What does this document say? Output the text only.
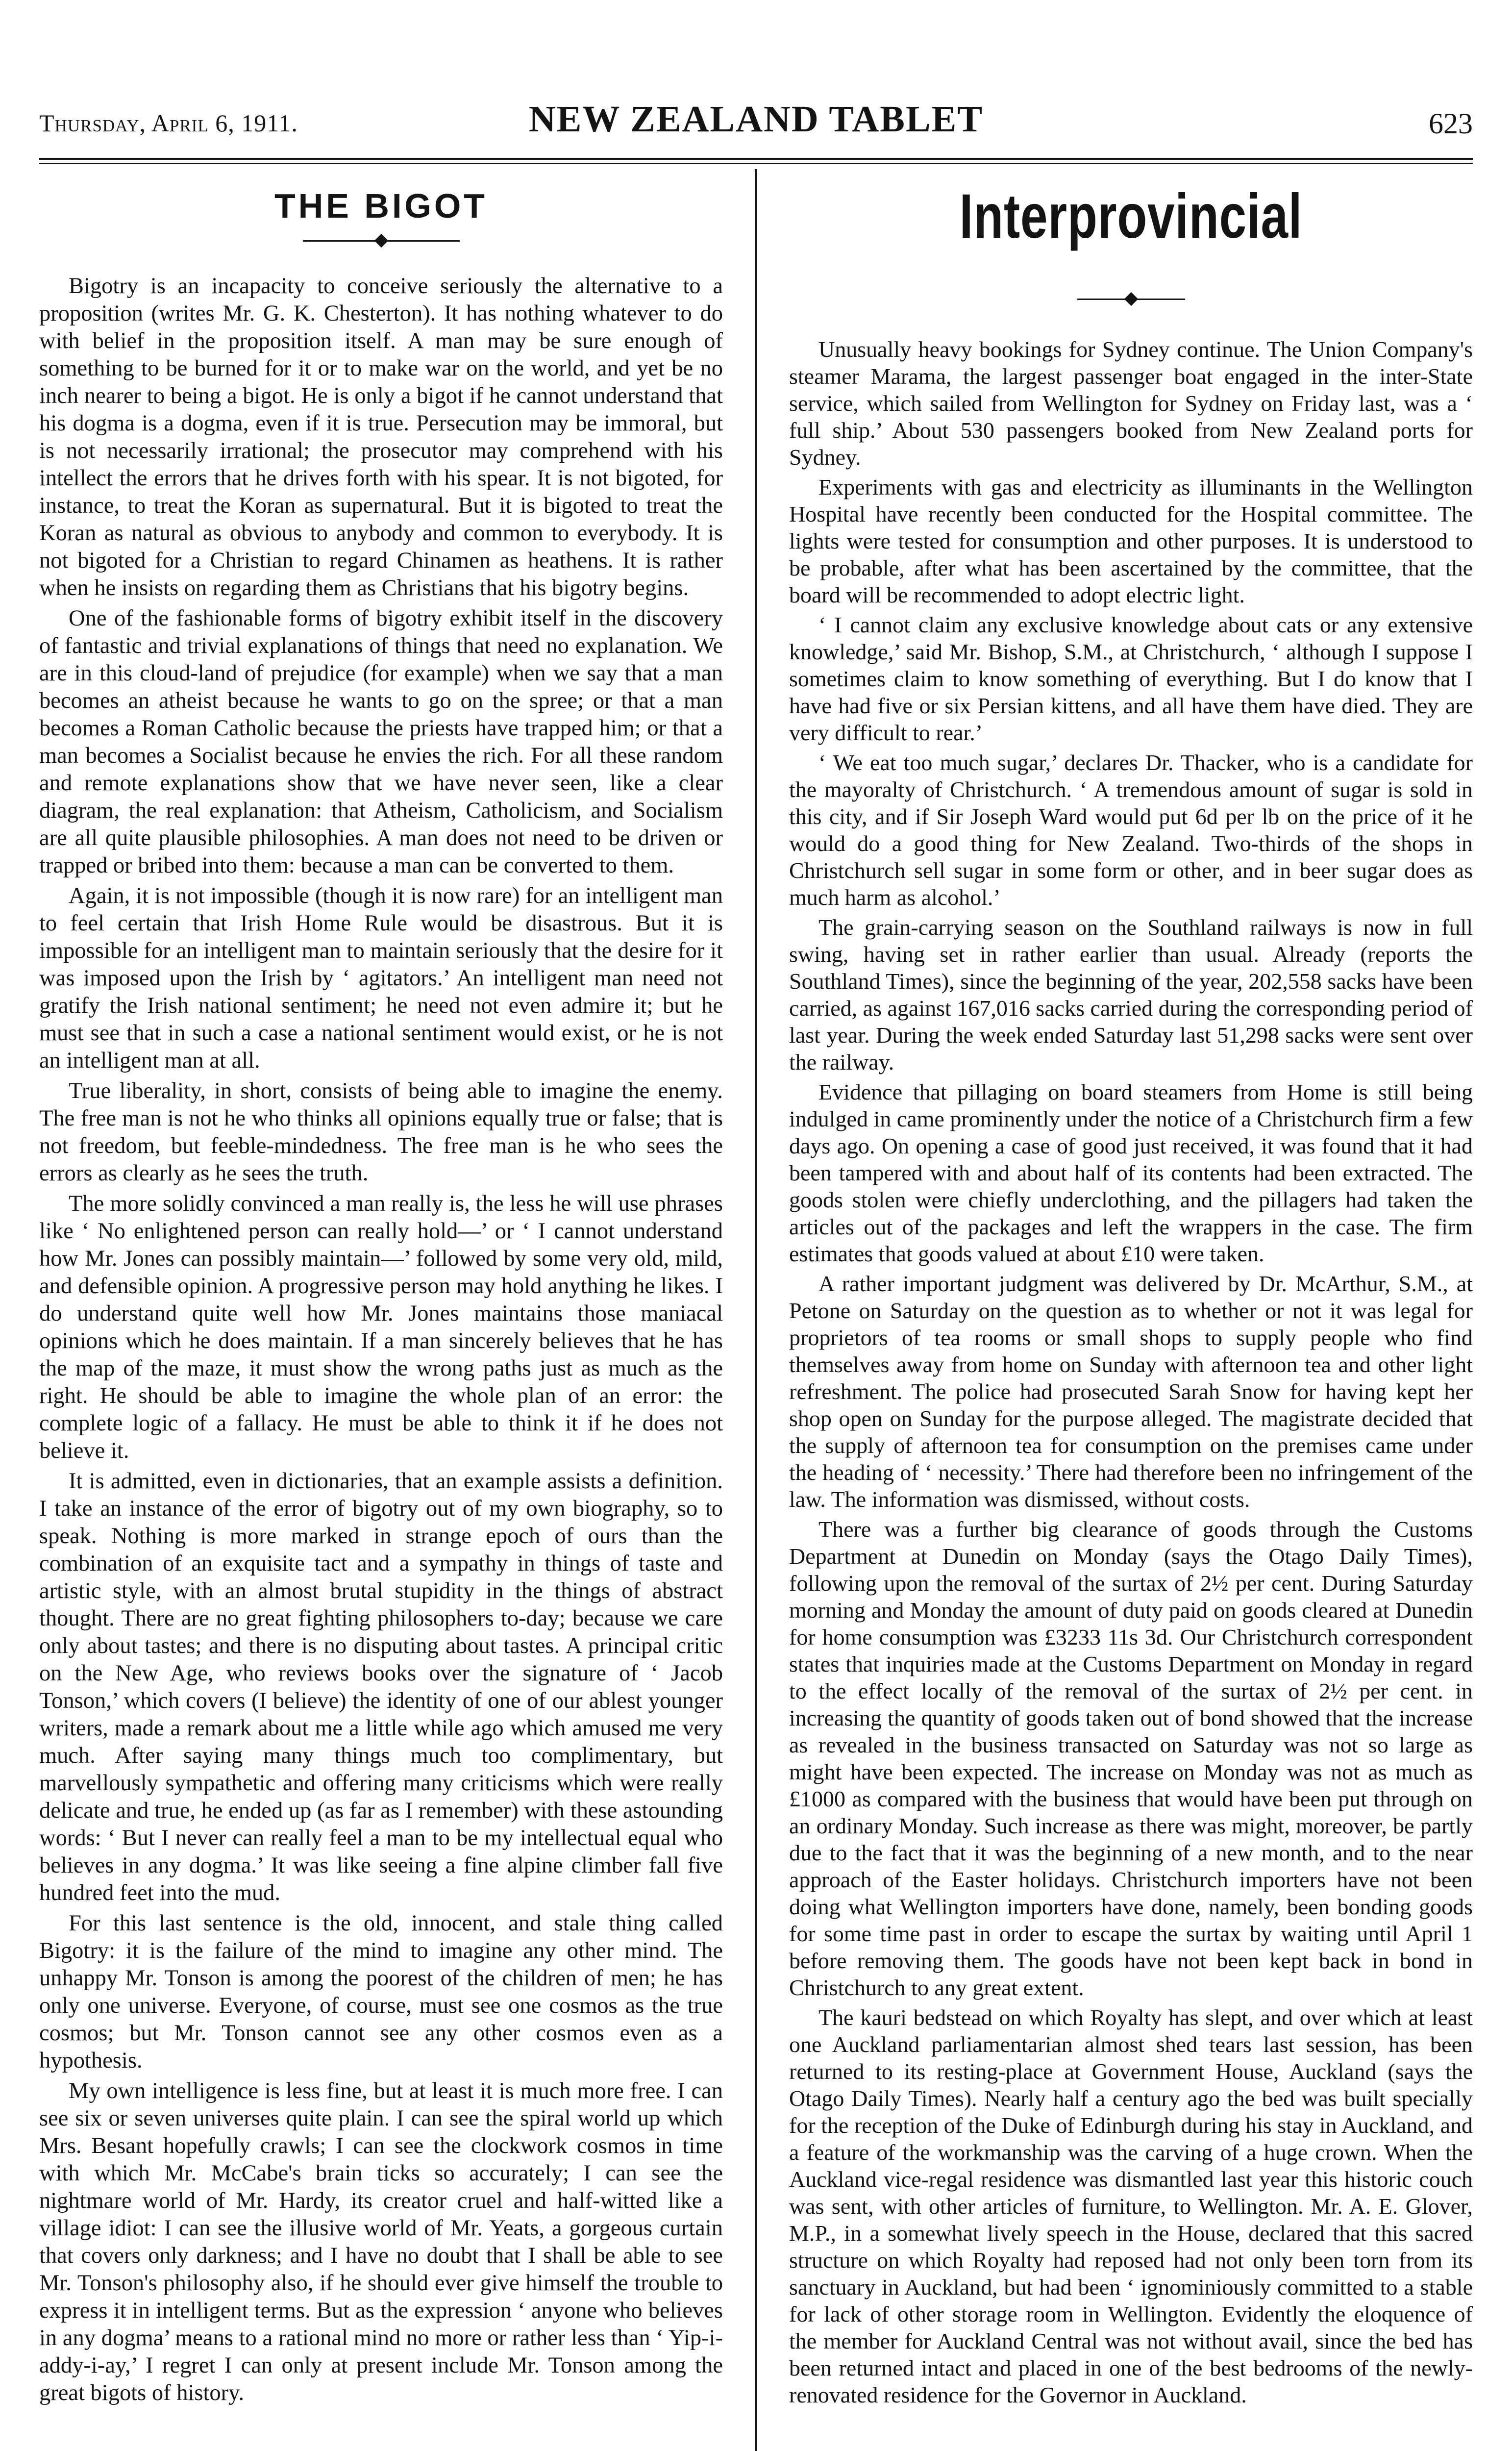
Thursday, April 6, 1911.	NEW ZEALAND TABLET	623
THE BIGOT

Bigotry is an incapacity to conceive seriously the alternative to a proposition (writes Mr. G. K. Chesterton). It has nothing whatever to do with belief in the proposition itself. A man may be sure enough of something to be burned for it or to make war on the world, and yet be no inch nearer to being a bigot. He is only a bigot if he cannot understand that his dogma is a dogma, even if it is true. Persecution may be immoral, but is not necessarily irrational; the prosecutor may comprehend with his intellect the errors that he drives forth with his spear. It is not bigoted, for instance, to treat the Koran as supernatural. But it is bigoted to treat the Koran as natural as obvious to anybody and common to everybody. It is not bigoted for a Christian to regard Chinamen as heathens. It is rather when he insists on regarding them as Christians that his bigotry begins.

One of the fashionable forms of bigotry exhibit itself in the discovery of fantastic and trivial explanations of things that need no explanation. We are in this cloud-land of prejudice (for example) when we say that a man becomes an atheist because he wants to go on the spree; or that a man becomes a Roman Catholic because the priests have trapped him; or that a man becomes a Socialist because he envies the rich. For all these random and remote explanations show that we have never seen, like a clear diagram, the real explanation: that Atheism, Catholicism, and Socialism are all quite plausible philosophies. A man does not need to be driven or trapped or bribed into them: because a man can be converted to them.

Again, it is not impossible (though it is now rare) for an intelligent man to feel certain that Irish Home Rule would be disastrous. But it is impossible for an intelligent man to maintain seriously that the desire for it was imposed upon the Irish by ‘ agitators.’ An intelligent man need not gratify the Irish national sentiment; he need not even admire it; but he must see that in such a case a national sentiment would exist, or he is not an intelligent man at all.

True liberality, in short, consists of being able to imagine the enemy. The free man is not he who thinks all opinions equally true or false; that is not freedom, but feeble-mindedness. The free man is he who sees the errors as clearly as he sees the truth.

The more solidly convinced a man really is, the less he will use phrases like ‘ No enlightened person can really hold—’ or ‘ I cannot understand how Mr. Jones can possibly maintain—’ followed by some very old, mild, and defensible opinion. A progressive person may hold anything he likes. I do understand quite well how Mr. Jones maintains those maniacal opinions which he does maintain. If a man sincerely believes that he has the map of the maze, it must show the wrong paths just as much as the right. He should be able to imagine the whole plan of an error: the complete logic of a fallacy. He must be able to think it if he does not believe it.

It is admitted, even in dictionaries, that an example assists a definition. I take an instance of the error of bigotry out of my own biography, so to speak. Nothing is more marked in strange epoch of ours than the combination of an exquisite tact and a sympathy in things of taste and artistic style, with an almost brutal stupidity in the things of abstract thought. There are no great fighting philosophers to-day; because we care only about tastes; and there is no disputing about tastes. A principal critic on the New Age, who reviews books over the signature of ‘ Jacob Tonson,’ which covers (I believe) the identity of one of our ablest younger writers, made a remark about me a little while ago which amused me very much. After saying many things much too complimentary, but marvellously sympathetic and offering many criticisms which were really delicate and true, he ended up (as far as I remember) with these astounding words: ‘ But I never can really feel a man to be my intellectual equal who believes in any dogma.’ It was like seeing a fine alpine climber fall five hundred feet into the mud.

For this last sentence is the old, innocent, and stale thing called Bigotry: it is the failure of the mind to imagine any other mind. The unhappy Mr. Tonson is among the poorest of the children of men; he has only one universe. Everyone, of course, must see one cosmos as the true cosmos; but Mr. Tonson cannot see any other cosmos even as a hypothesis.

My own intelligence is less fine, but at least it is much more free. I can see six or seven universes quite plain. I can see the spiral world up which Mrs. Besant hopefully crawls; I can see the clockwork cosmos in time with which Mr. McCabe's brain ticks so accurately; I can see the nightmare world of Mr. Hardy, its creator cruel and half-witted like a village idiot: I can see the illusive world of Mr. Yeats, a gorgeous curtain that covers only darkness; and I have no doubt that I shall be able to see Mr. Tonson's philosophy also, if he should ever give himself the trouble to express it in intelligent terms. But as the expression ‘ anyone who believes in any dogma’ means to a rational mind no more or rather less than ‘ Yip-i-addy-i-ay,’ I regret I can only at present include Mr. Tonson among the great bigots of history.

Interprovincial

Unusually heavy bookings for Sydney continue. The Union Company's steamer Marama, the largest passenger boat engaged in the inter-State service, which sailed from Wellington for Sydney on Friday last, was a ‘ full ship.’ About 530 passengers booked from New Zealand ports for Sydney.

Experiments with gas and electricity as illuminants in the Wellington Hospital have recently been conducted for the Hospital committee. The lights were tested for consumption and other purposes. It is understood to be probable, after what has been ascertained by the committee, that the board will be recommended to adopt electric light.

‘ I cannot claim any exclusive knowledge about cats or any extensive knowledge,’ said Mr. Bishop, S.M., at Christchurch, ‘ although I suppose I sometimes claim to know something of everything. But I do know that I have had five or six Persian kittens, and all have them have died. They are very difficult to rear.’

‘ We eat too much sugar,’ declares Dr. Thacker, who is a candidate for the mayoralty of Christchurch. ‘ A tremendous amount of sugar is sold in this city, and if Sir Joseph Ward would put 6d per lb on the price of it he would do a good thing for New Zealand. Two-thirds of the shops in Christchurch sell sugar in some form or other, and in beer sugar does as much harm as alcohol.’

The grain-carrying season on the Southland railways is now in full swing, having set in rather earlier than usual. Already (reports the Southland Times), since the beginning of the year, 202,558 sacks have been carried, as against 167,016 sacks carried during the corresponding period of last year. During the week ended Saturday last 51,298 sacks were sent over the railway.

Evidence that pillaging on board steamers from Home is still being indulged in came prominently under the notice of a Christchurch firm a few days ago. On opening a case of good just received, it was found that it had been tampered with and about half of its contents had been extracted. The goods stolen were chiefly underclothing, and the pillagers had taken the articles out of the packages and left the wrappers in the case. The firm estimates that goods valued at about £10 were taken.

A rather important judgment was delivered by Dr. McArthur, S.M., at Petone on Saturday on the question as to whether or not it was legal for proprietors of tea rooms or small shops to supply people who find themselves away from home on Sunday with afternoon tea and other light refreshment. The police had prosecuted Sarah Snow for having kept her shop open on Sunday for the purpose alleged. The magistrate decided that the supply of afternoon tea for consumption on the premises came under the heading of ‘ necessity.’ There had therefore been no infringement of the law. The information was dismissed, without costs.

There was a further big clearance of goods through the Customs Department at Dunedin on Monday (says the Otago Daily Times), following upon the removal of the surtax of 2½ per cent. During Saturday morning and Monday the amount of duty paid on goods cleared at Dunedin for home consumption was £3233 11s 3d. Our Christchurch correspondent states that inquiries made at the Customs Department on Monday in regard to the effect locally of the removal of the surtax of 2½ per cent. in increasing the quantity of goods taken out of bond showed that the increase as revealed in the business transacted on Saturday was not so large as might have been expected. The increase on Monday was not as much as £1000 as compared with the business that would have been put through on an ordinary Monday. Such increase as there was might, moreover, be partly due to the fact that it was the beginning of a new month, and to the near approach of the Easter holidays. Christchurch importers have not been doing what Wellington importers have done, namely, been bonding goods for some time past in order to escape the surtax by waiting until April 1 before removing them. The goods have not been kept back in bond in Christchurch to any great extent.

The kauri bedstead on which Royalty has slept, and over which at least one Auckland parliamentarian almost shed tears last session, has been returned to its resting-place at Government House, Auckland (says the Otago Daily Times). Nearly half a century ago the bed was built specially for the reception of the Duke of Edinburgh during his stay in Auckland, and a feature of the workmanship was the carving of a huge crown. When the Auckland vice-regal residence was dismantled last year this historic couch was sent, with other articles of furniture, to Wellington. Mr. A. E. Glover, M.P., in a somewhat lively speech in the House, declared that this sacred structure on which Royalty had reposed had not only been torn from its sanctuary in Auckland, but had been ‘ ignominiously committed to a stable for lack of other storage room in Wellington. Evidently the eloquence of the member for Auckland Central was not without avail, since the bed has been returned intact and placed in one of the best bedrooms of the newly-renovated residence for the Governor in Auckland.
